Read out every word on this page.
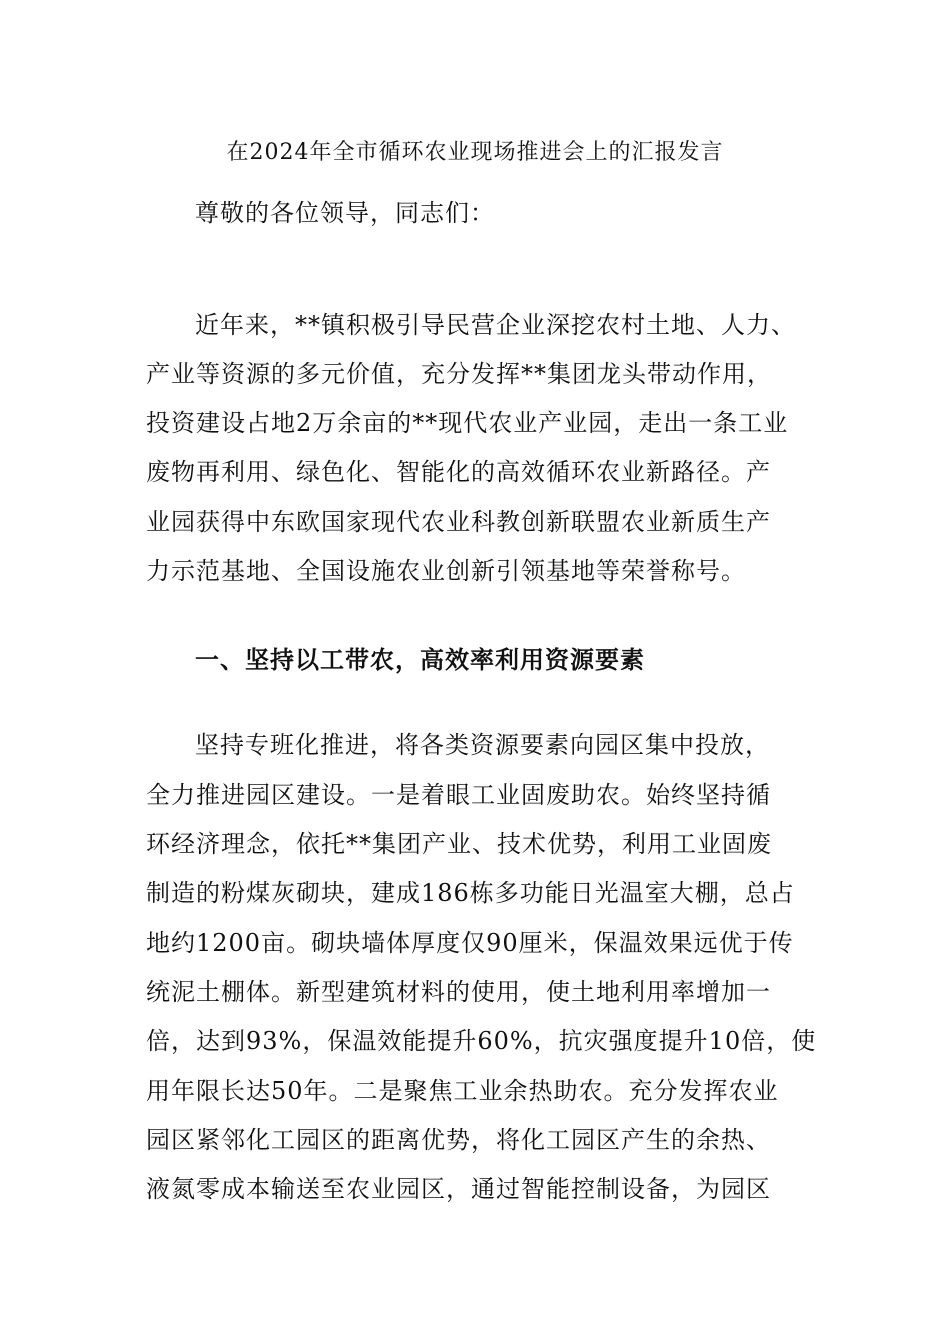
在2024年全市循环农业现场推进会上的汇报发言

尊敬的各位领导，同志们：

近年来，**镇积极引导民营企业深挖农村土地、人力、

产业等资源的多元价值，充分发挥**集团龙头带动作用，

投资建设占地2万余亩的**现代农业产业园，走出一条工业

废物再利用、绿色化、智能化的高效循环农业新路径。产

业园获得中东欧国家现代农业科教创新联盟农业新质生产

力示范基地、全国设施农业创新引领基地等荣誉称号。

一、坚持以工带农，高效率利用资源要素

坚持专班化推进，将各类资源要素向园区集中投放，

全力推进园区建设。一是着眼工业固废助农。始终坚持循

环经济理念，依托**集团产业、技术优势，利用工业固废

制造的粉煤灰砌块，建成186栋多功能日光温室大棚，总占

地约1200亩。砌块墙体厚度仅90厘米，保温效果远优于传

统泥土棚体。新型建筑材料的使用，使土地利用率增加一

倍，达到93%，保温效能提升60%，抗灾强度提升10倍，使

用年限长达50年。二是聚焦工业余热助农。充分发挥农业

园区紧邻化工园区的距离优势，将化工园区产生的余热、

液氮零成本输送至农业园区，通过智能控制设备，为园区
